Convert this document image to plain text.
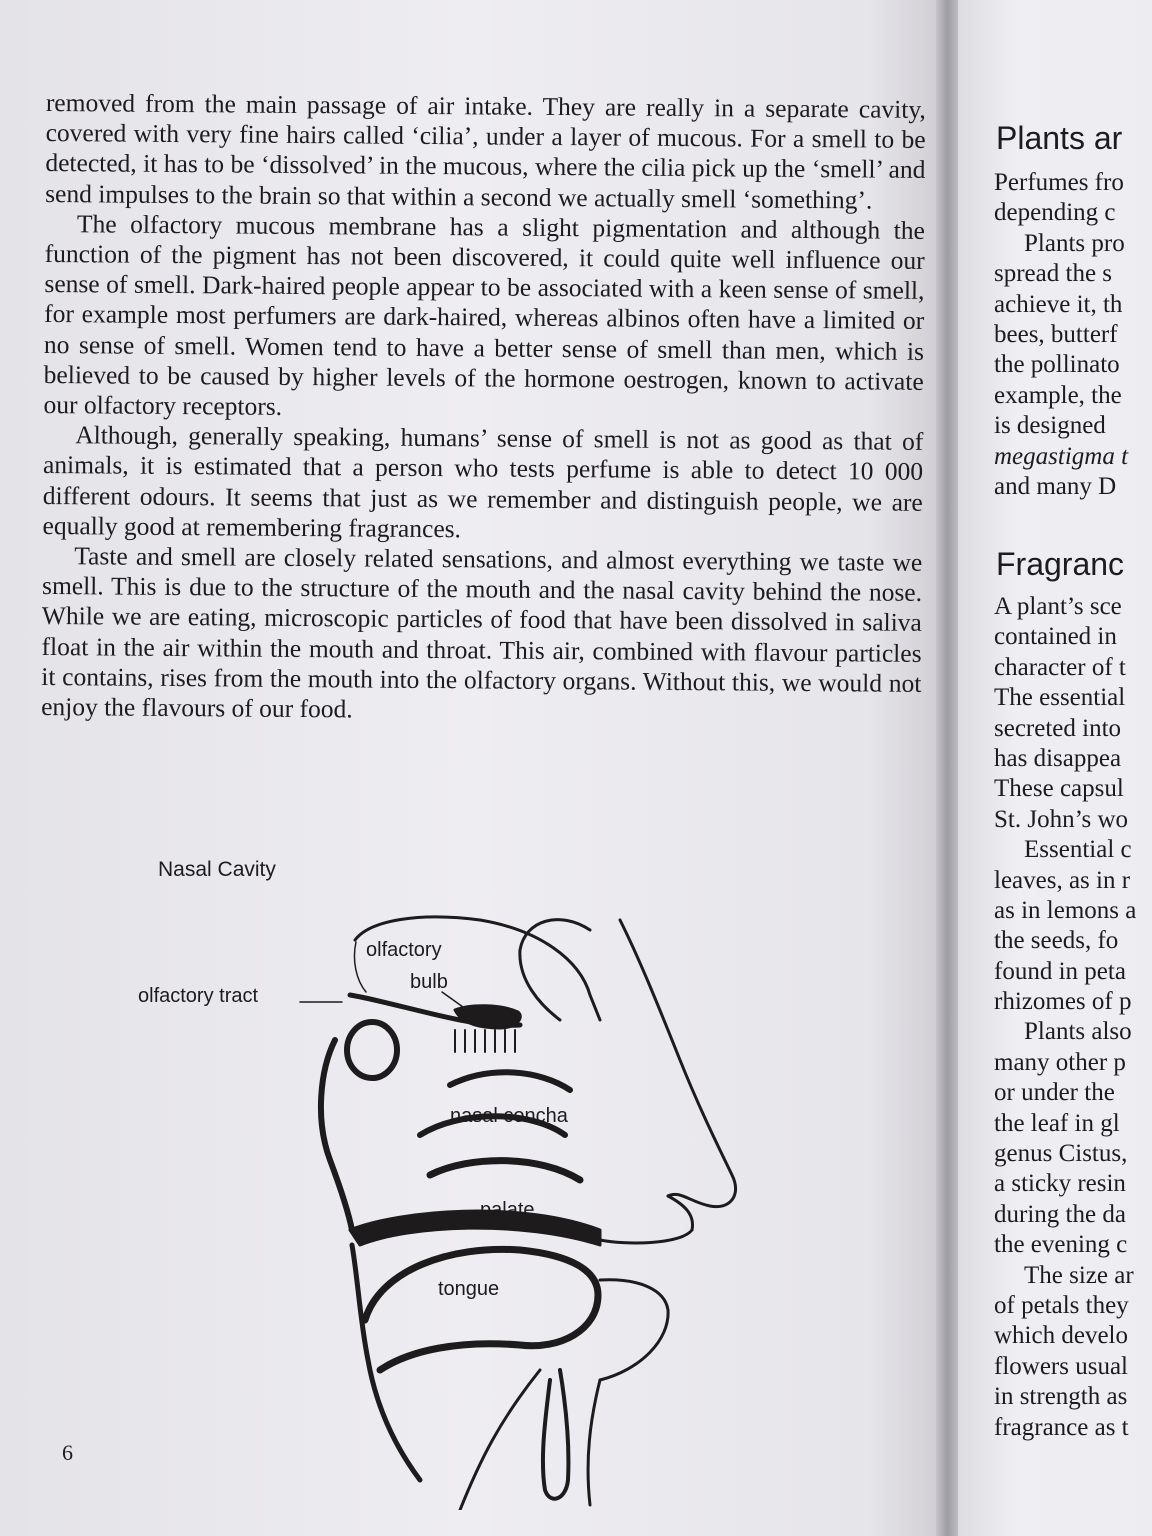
removed from the main passage of air intake. They are really in a separate cavity, covered with very fine hairs called ‘cilia’, under a layer of mucous. For a smell to be detected, it has to be ‘dissolved’ in the mucous, where the cilia pick up the ‘smell’ and send impulses to the brain so that within a second we actually smell ‘something’.

The olfactory mucous membrane has a slight pigmentation and although the function of the pigment has not been discovered, it could quite well influence our sense of smell. Dark-haired people appear to be associated with a keen sense of smell, for example most perfumers are dark-haired, whereas albinos often have a limited or no sense of smell. Women tend to have a better sense of smell than men, which is believed to be caused by higher levels of the hormone oestrogen, known to activate our olfactory receptors.

Although, generally speaking, humans’ sense of smell is not as good as that of animals, it is estimated that a person who tests perfume is able to detect 10 000 different odours. It seems that just as we remember and distinguish people, we are equally good at remembering fragrances.

Taste and smell are closely related sensations, and almost everything we taste we smell. This is due to the structure of the mouth and the nasal cavity behind the nose. While we are eating, microscopic particles of food that have been dissolved in saliva float in the air within the mouth and throat. This air, combined with flavour particles it contains, rises from the mouth into the olfactory organs. Without this, we would not enjoy the flavours of our food.

Nasal Cavity
olfactory
bulb
olfactory tract
nasal concha
palate
tongue
6
Plants ar
Perfumes fro
depending c
Plants pro
spread the s
achieve it, th
bees, butterf
the pollinato
example, the
is designed
megastigma t
and many D
Fragranc
A plant’s sce
contained in
character of t
The essential
secreted into
has disappea
These capsul
St. John’s wo
Essential c
leaves, as in r
as in lemons a
the seeds, fo
found in peta
rhizomes of p
Plants also
many other p
or under the
the leaf in gl
genus Cistus,
a sticky resin
during the da
the evening c
The size ar
of petals they
which develo
flowers usual
in strength as
fragrance as t
